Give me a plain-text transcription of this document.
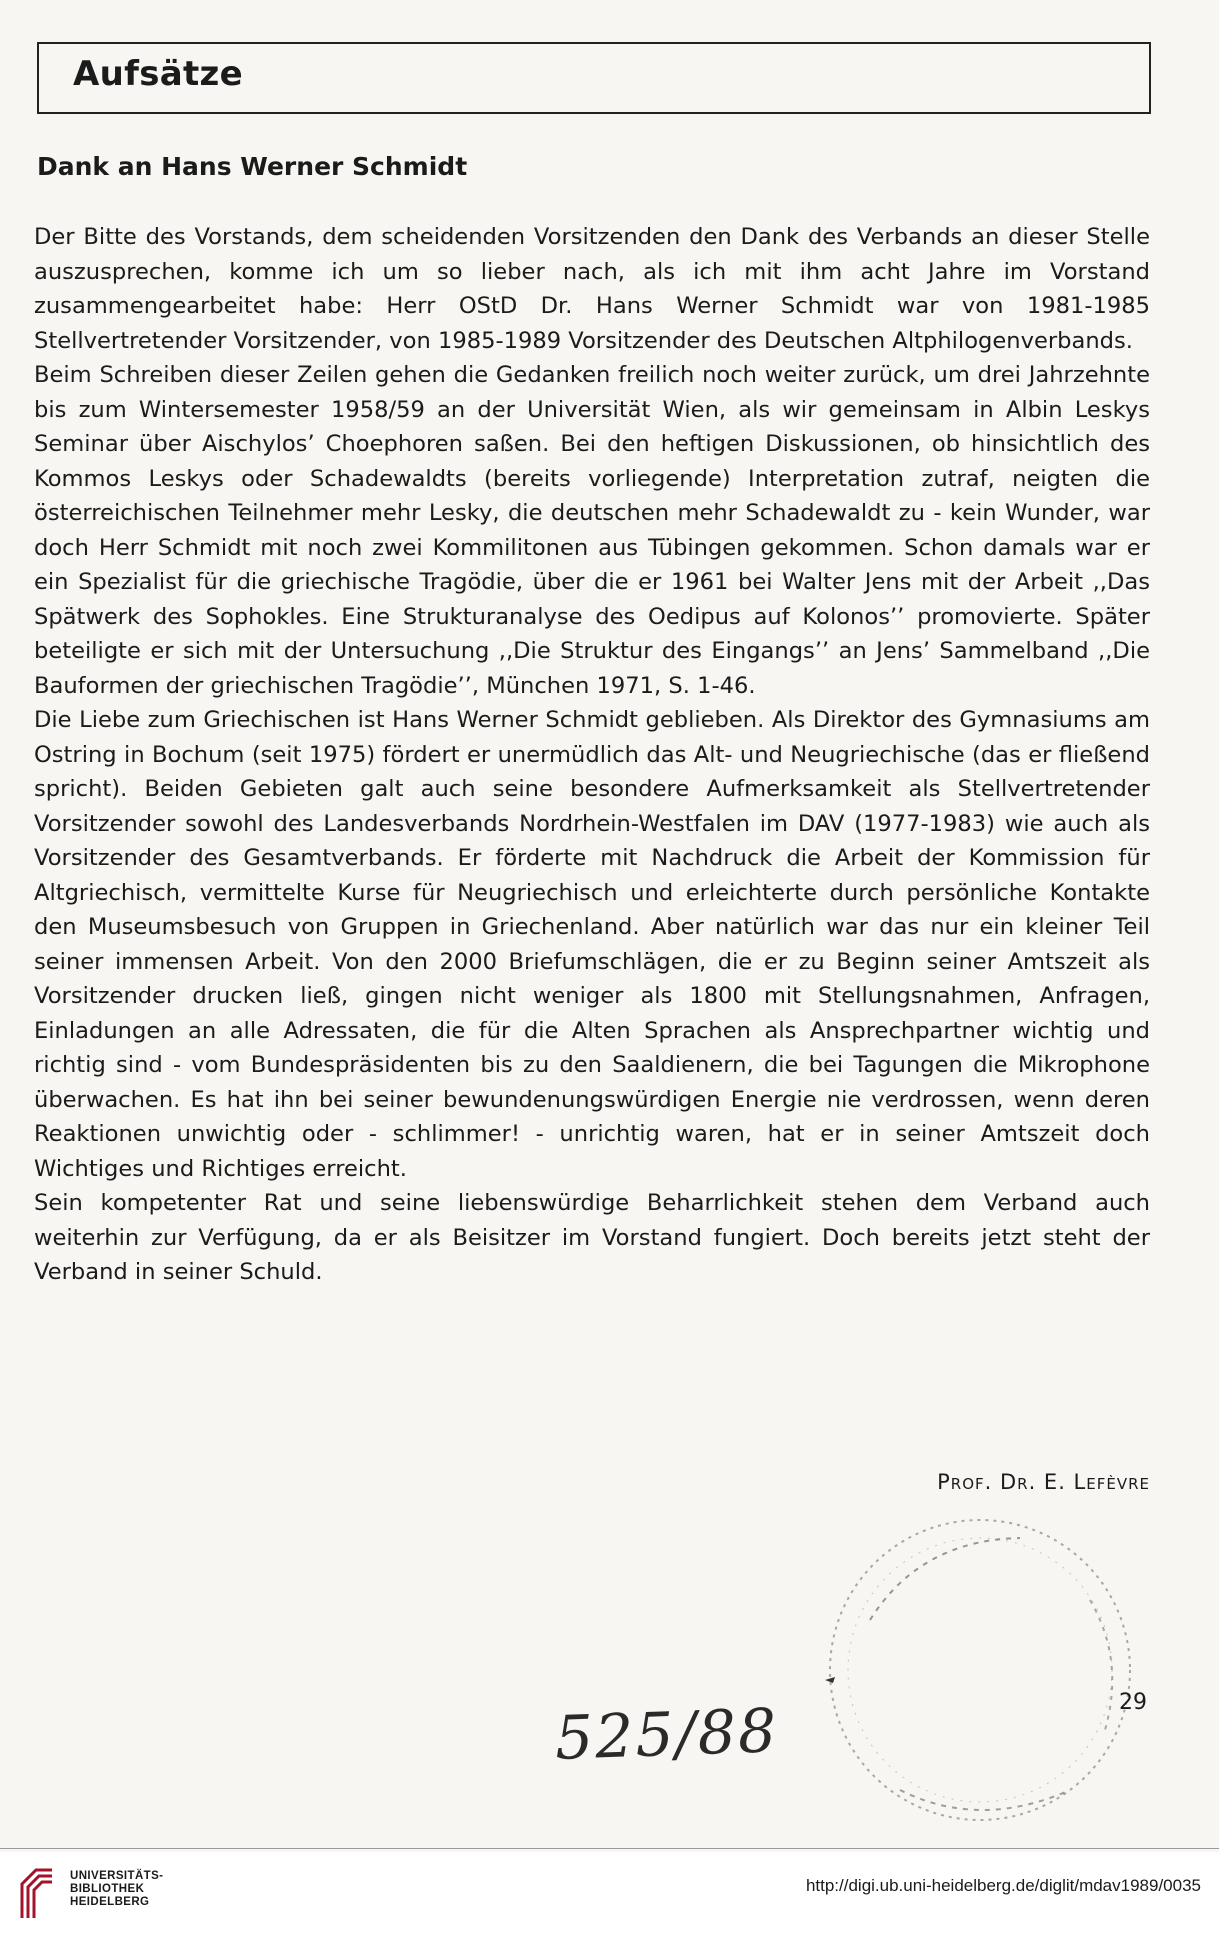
Aufsätze
Dank an Hans Werner Schmidt

Der Bitte des Vorstands, dem scheidenden Vorsitzenden den Dank des Verbands an dieser Stelle auszusprechen, komme ich um so lieber nach, als ich mit ihm acht Jahre im Vorstand zusammengearbeitet habe: Herr OStD Dr. Hans Werner Schmidt war von 1981-1985 Stellvertretender Vorsitzender, von 1985-1989 Vorsitzender des Deutschen Altphilogenverbands.

Beim Schreiben dieser Zeilen gehen die Gedanken freilich noch weiter zurück, um drei Jahrzehnte bis zum Wintersemester 1958/59 an der Universität Wien, als wir gemeinsam in Albin Leskys Seminar über Aischylos’ Choephoren saßen. Bei den heftigen Diskussionen, ob hinsichtlich des Kommos Leskys oder Schadewaldts (bereits vorliegende) Interpretation zutraf, neigten die österreichischen Teilnehmer mehr Lesky, die deutschen mehr Schadewaldt zu - kein Wunder, war doch Herr Schmidt mit noch zwei Kommilitonen aus Tübingen gekommen. Schon damals war er ein Spezialist für die griechische Tragödie, über die er 1961 bei Walter Jens mit der Arbeit ,,Das Spätwerk des Sophokles. Eine Strukturanalyse des Oedipus auf Kolonos’’ promovierte. Später beteiligte er sich mit der Untersuchung ,,Die Struktur des Eingangs’’ an Jens’ Sammelband ,,Die Bauformen der griechischen Tragödie’’, München 1971, S. 1-46.

Die Liebe zum Griechischen ist Hans Werner Schmidt geblieben. Als Direktor des Gymnasiums am Ostring in Bochum (seit 1975) fördert er unermüdlich das Alt- und Neugriechische (das er fließend spricht). Beiden Gebieten galt auch seine besondere Aufmerksamkeit als Stellvertretender Vorsitzender sowohl des Landesverbands Nordrhein-Westfalen im DAV (1977-1983) wie auch als Vorsitzender des Gesamtverbands. Er förderte mit Nachdruck die Arbeit der Kommission für Altgriechisch, vermittelte Kurse für Neugriechisch und erleichterte durch persönliche Kontakte den Museumsbesuch von Gruppen in Griechenland. Aber natürlich war das nur ein kleiner Teil seiner immensen Arbeit. Von den 2000 Briefumschlägen, die er zu Beginn seiner Amtszeit als Vorsitzender drucken ließ, gingen nicht weniger als 1800 mit Stellungsnahmen, Anfragen, Einladungen an alle Adressaten, die für die Alten Sprachen als Ansprechpartner wichtig und richtig sind - vom Bundespräsidenten bis zu den Saaldienern, die bei Tagungen die Mikrophone überwachen. Es hat ihn bei seiner bewundenungswürdigen Energie nie verdrossen, wenn deren Reaktionen unwichtig oder - schlimmer! - unrichtig waren, hat er in seiner Amtszeit doch Wichtiges und Richtiges erreicht.

Sein kompetenter Rat und seine liebenswürdige Beharrlichkeit stehen dem Verband auch weiterhin zur Verfügung, da er als Beisitzer im Vorstand fungiert. Doch bereits jetzt steht der Verband in seiner Schuld.

Prof. Dr. E. Lefèvre
29
525/88
UNIVERSITÄTS-
BIBLIOTHEK
HEIDELBERG
http://digi.ub.uni-heidelberg.de/diglit/mdav1989/0035
